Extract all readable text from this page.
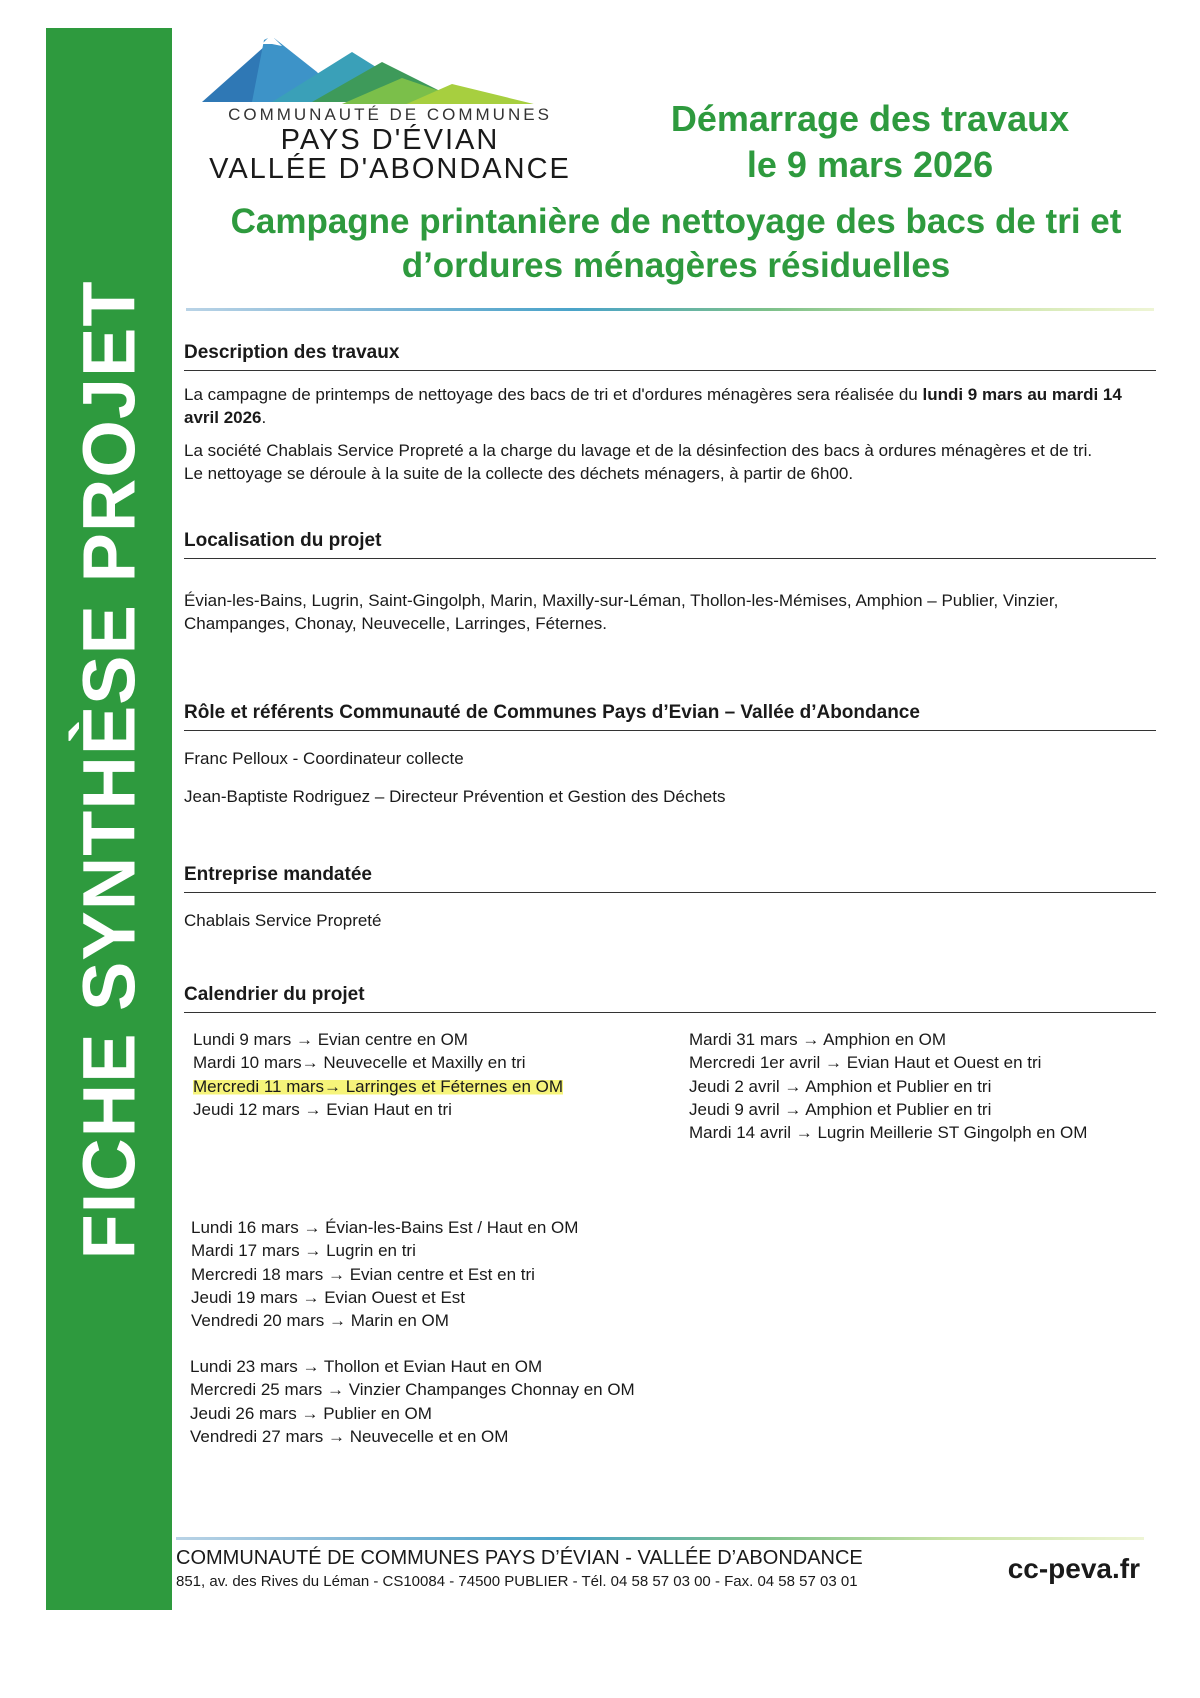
FICHE SYNTHÈSE PROJET
COMMUNAUTÉ DE COMMUNES
PAYS D'ÉVIAN
VALLÉE D'ABONDANCE
Démarrage des travaux
le 9 mars 2026
Campagne printanière de nettoyage des bacs de tri et
d’ordures ménagères résiduelles
Description des travaux

La campagne de printemps de nettoyage des bacs de tri et d'ordures ménagères sera réalisée du lundi 9 mars au mardi 14 avril 2026.

La société Chablais Service Propreté a la charge du lavage et de la désinfection des bacs à ordures ménagères et de tri.
Le nettoyage se déroule à la suite de la collecte des déchets ménagers, à partir de 6h00.

Localisation du projet

Évian-les-Bains, Lugrin, Saint-Gingolph, Marin, Maxilly-sur-Léman, Thollon-les-Mémises, Amphion – Publier, Vinzier,
Champanges, Chonay, Neuvecelle, Larringes, Féternes.

Rôle et référents Communauté de Communes Pays d’Evian – Vallée d’Abondance

Franc Pelloux - Coordinateur collecte

Jean-Baptiste Rodriguez – Directeur Prévention et Gestion des Déchets

Entreprise mandatée

Chablais Service Propreté

Calendrier du projet
Lundi 9 mars → Evian centre en OM
Mardi 10 mars→ Neuvecelle et Maxilly en tri
Mercredi 11 mars→ Larringes et Féternes en OM
Jeudi 12 mars → Evian Haut en tri
Mardi 31 mars → Amphion en OM
Mercredi 1er avril → Evian Haut et Ouest en tri
Jeudi 2 avril → Amphion et Publier en tri
Jeudi 9 avril → Amphion et Publier en tri
Mardi 14 avril → Lugrin Meillerie ST Gingolph en OM
Lundi 16 mars → Évian-les-Bains Est / Haut en OM
Mardi 17 mars → Lugrin en tri
Mercredi 18 mars → Evian centre et Est en tri
Jeudi 19 mars → Evian Ouest et Est
Vendredi 20 mars → Marin en OM
Lundi 23 mars → Thollon et Evian Haut en OM
Mercredi 25 mars → Vinzier Champanges Chonnay en OM
Jeudi 26 mars → Publier en OM
Vendredi 27 mars → Neuvecelle et en OM
COMMUNAUTÉ DE COMMUNES PAYS D’ÉVIAN - VALLÉE D’ABONDANCE
851, av. des Rives du Léman - CS10084 - 74500 PUBLIER - Tél. 04 58 57 03 00 - Fax. 04 58 57 03 01	cc-peva.fr
